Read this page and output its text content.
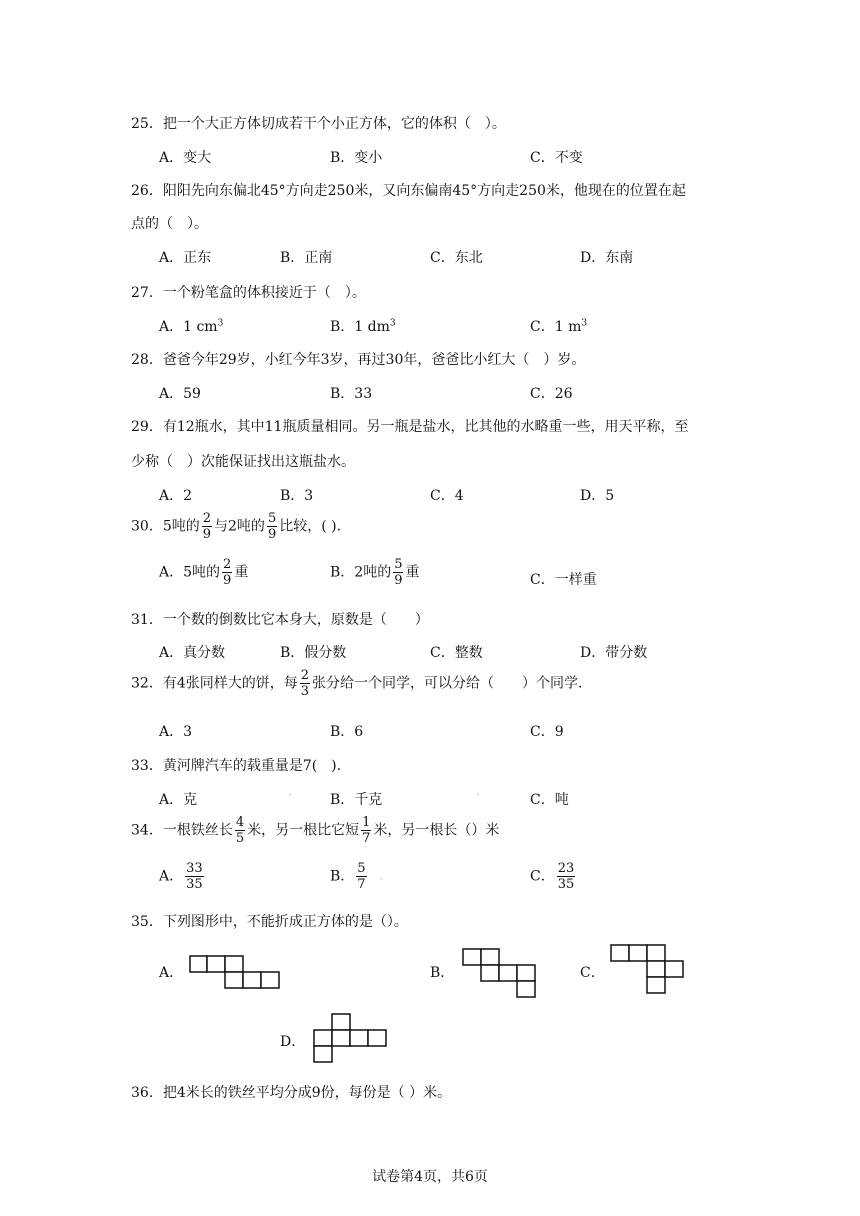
25．把一个大正方体切成若干个小正方体，它的体积（　）。
A．变大	B．变小	C．不变
26．阳阳先向东偏北45°方向走250米，又向东偏南45°方向走250米，他现在的位置在起
点的（　）。
A．正东	B．正南	C．东北	D．东南
27．一个粉笔盒的体积接近于（　）。
A．1 $cm^3$	B．1 $dm^3$	C．1 $m^3$
28．爸爸今年29岁，小红今年3岁，再过30年，爸爸比小红大（　）岁。
A．59	B．33	C．26
29．有12瓶水，其中11瓶质量相同。另一瓶是盐水，比其他的水略重一些，用天平称，至
少称（　）次能保证找出这瓶盐水。
A．2	B．3	C．4	D．5
30．5吨的 $\frac{2}{9}$ 与2吨的 $\frac{5}{9}$ 比较，( ).
A．5吨的 $\frac{2}{9}$ 重	B．2吨的 $\frac{5}{9}$ 重	C．一样重
31．一个数的倒数比它本身大，原数是（　　）
A．真分数	B．假分数	C．整数	D．带分数
32．有4张同样大的饼，每 $\frac{2}{3}$ 张分给一个同学，可以分给（　　）个同学.
A．3	B．6	C．9
33．黄河牌汽车的载重量是7(　).
A．克	ˈ	B．千克	ˈ	C．吨
34．一根铁丝长 $\frac{4}{5}$ 米，另一根比它短 $\frac{1}{7}$ 米，另一根长（）米
A． $\frac{33}{35}$	B． $\frac{5}{7}$ ˈ	C． $\frac{23}{35}$
35．下列图形中，不能折成正方体的是（）。
A．	B．	C．
D．
36．把4米长的铁丝平均分成9份，每份是（ ）米。
试卷第4页，共6页
